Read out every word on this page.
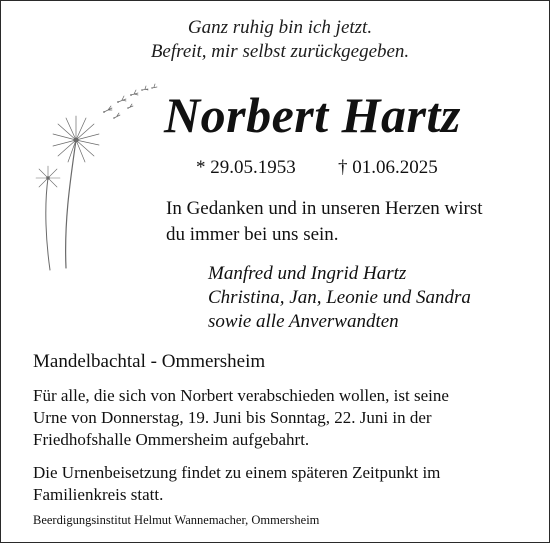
Ganz ruhig bin ich jetzt.
Befreit, mir selbst zurückgegeben.
Norbert Hartz
* 29.05.1953 † 01.06.2025
In Gedanken und in unseren Herzen wirst
du immer bei uns sein.
Manfred und Ingrid Hartz
Christina, Jan, Leonie und Sandra
sowie alle Anverwandten
Mandelbachtal - Ommersheim
Für alle, die sich von Norbert verabschieden wollen, ist seine
Urne von Donnerstag, 19. Juni bis Sonntag, 22. Juni in der
Friedhofshalle Ommersheim aufgebahrt.
Die Urnenbeisetzung findet zu einem späteren Zeitpunkt im
Familienkreis statt.
Beerdigungsinstitut Helmut Wannemacher, Ommersheim
